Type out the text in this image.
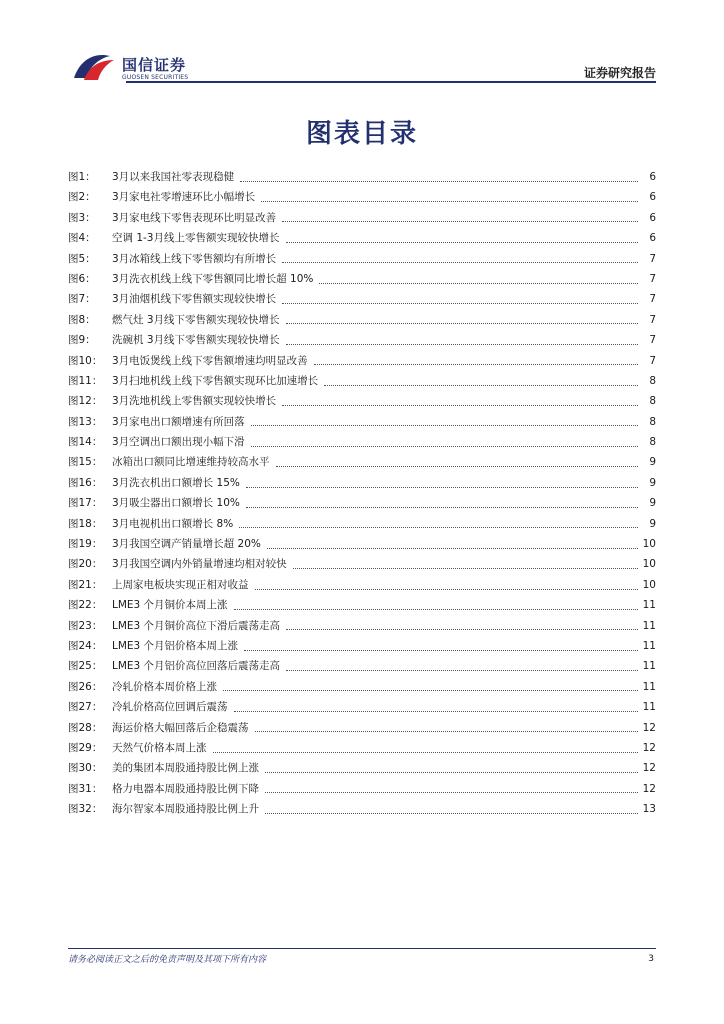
国信证券
GUOSEN SECURITIES	证券研究报告
图表目录
图1：	3月以来我国社零表现稳健	6
图2：	3月家电社零增速环比小幅增长	6
图3：	3月家电线下零售表现环比明显改善	6
图4：	空调 1-3月线上零售额实现较快增长	6
图5：	3月冰箱线上线下零售额均有所增长	7
图6：	3月洗衣机线上线下零售额同比增长超 10%	7
图7：	3月油烟机线下零售额实现较快增长	7
图8：	燃气灶 3月线下零售额实现较快增长	7
图9：	洗碗机 3月线下零售额实现较快增长	7
图10： 3月电饭煲线上线下零售额增速均明显改善	7
图11： 3月扫地机线上线下零售额实现环比加速增长	8
图12： 3月洗地机线上零售额实现较快增长	8
图13： 3月家电出口额增速有所回落	8
图14： 3月空调出口额出现小幅下滑	8
图15： 冰箱出口额同比增速维持较高水平	9
图16： 3月洗衣机出口额增长 15%	9
图17： 3月吸尘器出口额增长 10%	9
图18： 3月电视机出口额增长 8%	9
图19： 3月我国空调产销量增长超 20%	10
图20： 3月我国空调内外销量增速均相对较快	10
图21： 上周家电板块实现正相对收益	10
图22： LME3 个月铜价本周上涨	11
图23： LME3 个月铜价高位下滑后震荡走高	11
图24： LME3 个月铝价格本周上涨	11
图25： LME3 个月铝价高位回落后震荡走高	11
图26： 冷轧价格本周价格上涨	11
图27： 冷轧价格高位回调后震荡	11
图28： 海运价格大幅回落后企稳震荡	12
图29： 天然气价格本周上涨	12
图30： 美的集团本周股通持股比例上涨	12
图31： 格力电器本周股通持股比例下降	12
图32： 海尔智家本周股通持股比例上升	13
请务必阅读正文之后的免责声明及其项下所有内容	3
